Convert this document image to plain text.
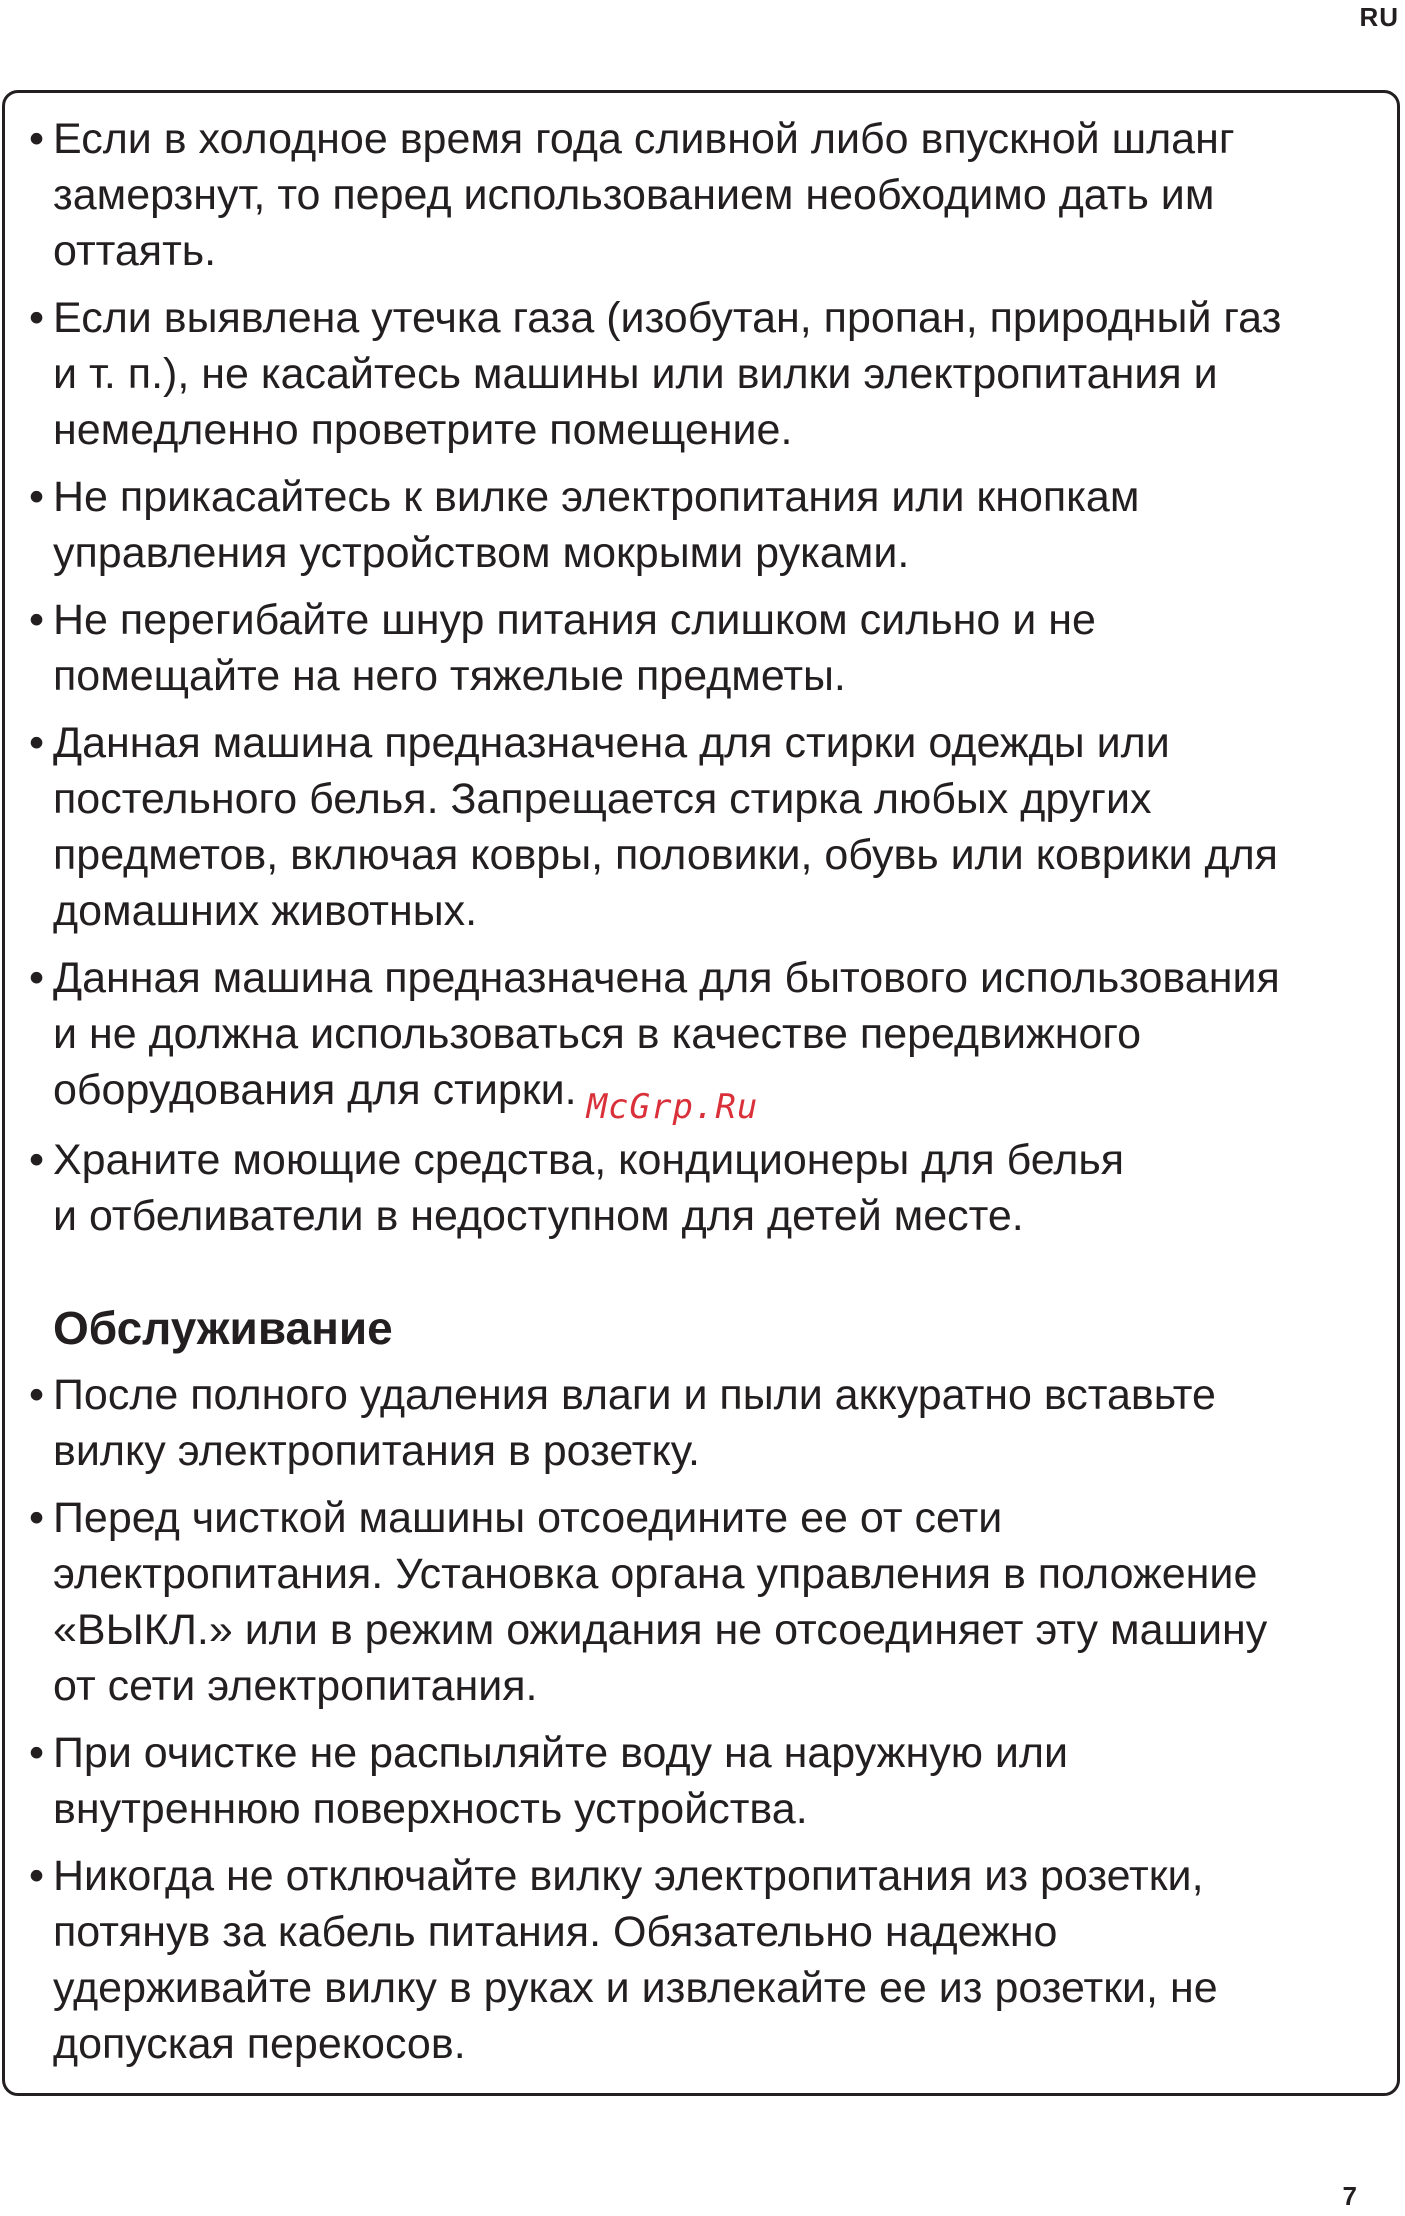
RU
• Если в холодное время года сливной либо впускной шланг
замерзнут, то перед использованием необходимо дать им
оттаять.
• Если выявлена утечка газа (изобутан, пропан, природный газ
и т. п.), не касайтесь машины или вилки электропитания и
немедленно проветрите помещение.
• Не прикасайтесь к вилке электропитания или кнопкам
управления устройством мокрыми руками.
• Не перегибайте шнур питания слишком сильно и не
помещайте на него тяжелые предметы.
• Данная машина предназначена для стирки одежды или
постельного белья. Запрещается стирка любых других
предметов, включая ковры, половики, обувь или коврики для
домашних животных.
• Данная машина предназначена для бытового использования
и не должна использоваться в качестве передвижного
оборудования для стирки. $_{McGrp.Ru}$
• Храните моющие средства, кондиционеры для белья
и отбеливатели в недоступном для детей месте.
Обслуживание
• После полного удаления влаги и пыли аккуратно вставьте
вилку электропитания в розетку.
• Перед чисткой машины отсоедините ее от сети
электропитания. Установка органа управления в положение
«ВЫКЛ.» или в режим ожидания не отсоединяет эту машину
от сети электропитания.
• При очистке не распыляйте воду на наружную или
внутреннюю поверхность устройства.
• Никогда не отключайте вилку электропитания из розетки,
потянув за кабель питания. Обязательно надежно
удерживайте вилку в руках и извлекайте ее из розетки, не
допуская перекосов.
7
